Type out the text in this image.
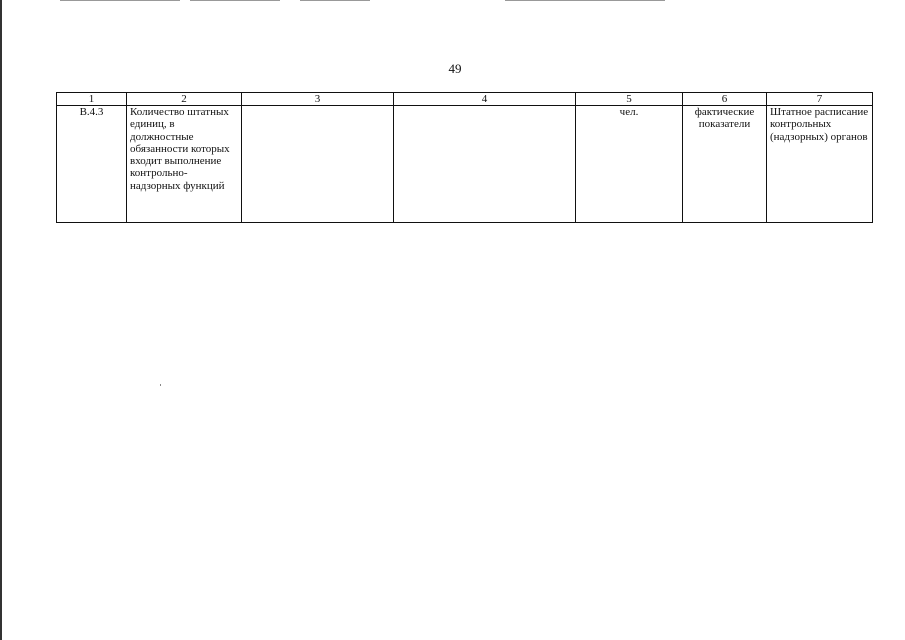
49
1	2	3	4	5	6	7
В.4.3	Количество штатных единиц, в должностные обязанности которых входит выполнение контрольно-надзорных функций			чел.	фактические показатели	Штатное расписание контрольных (надзорных) органов
